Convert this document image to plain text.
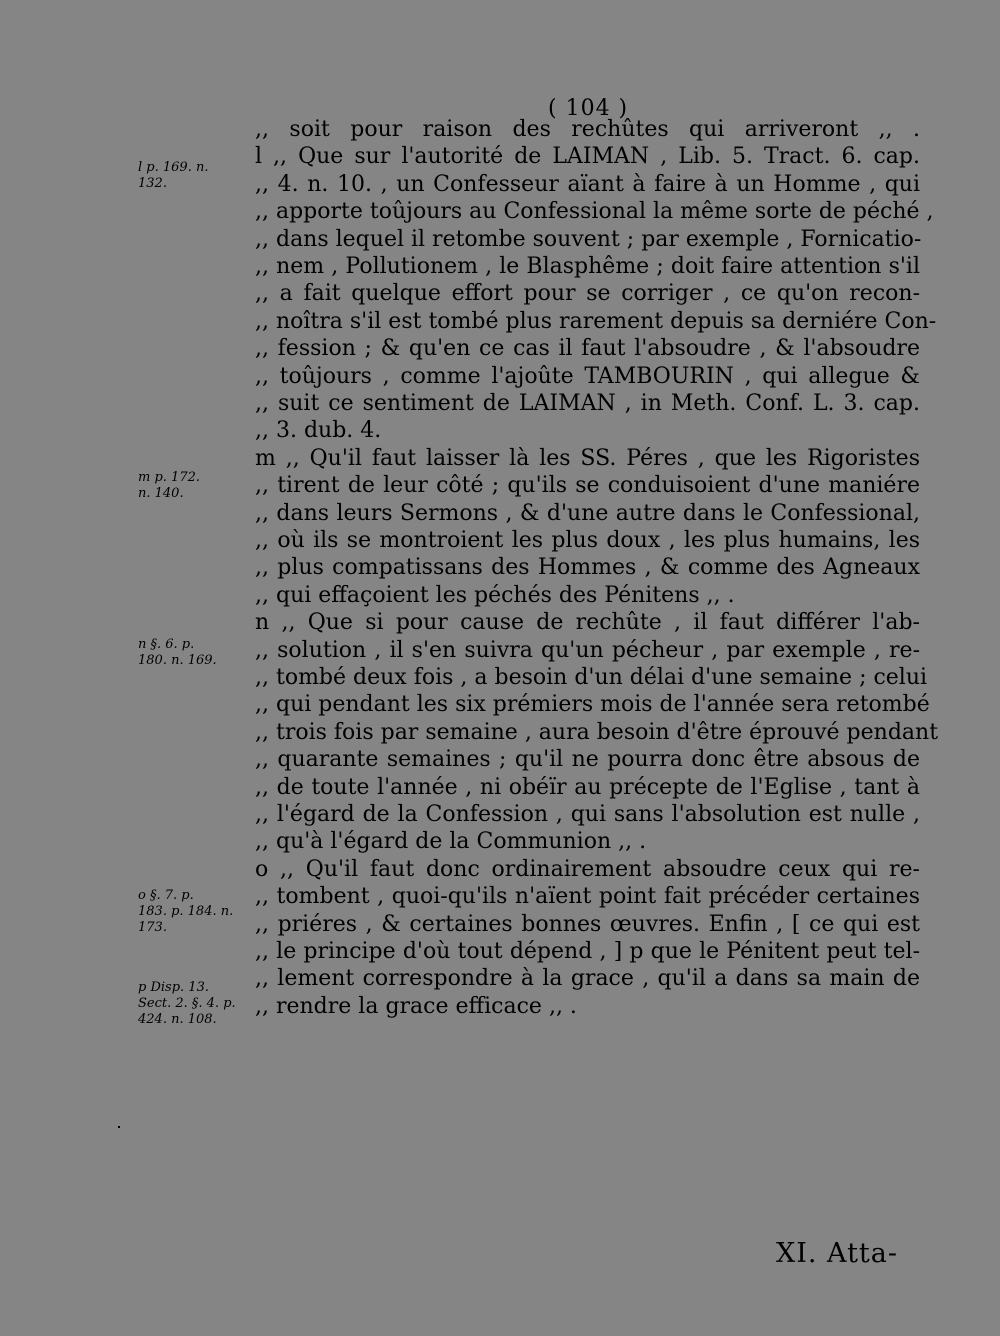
( 104 )
l p. 169. n.
132.
m p. 172.
n. 140.
n §. 6. p.
180. n. 169.
o §. 7. p.
183. p. 184. n.
173.
p Disp. 13.
Sect. 2. §. 4. p.
424. n. 108.
,, soit pour raison des rechûtes qui arriveront ,, .
l ,, Que sur l'autorité de LAIMAN , Lib. 5. Tract. 6. cap.
,, 4. n. 10. , un Confesseur aïant à faire à un Homme , qui
,, apporte toûjours au Confessional la même sorte de péché ,
,, dans lequel il retombe souvent ; par exemple , Fornicatio-
,, nem , Pollutionem , le Blasphême ; doit faire attention s'il
,, a fait quelque effort pour se corriger , ce qu'on recon-
,, noîtra s'il est tombé plus rarement depuis sa derniére Con-
,, fession ; & qu'en ce cas il faut l'absoudre , & l'absoudre
,, toûjours , comme l'ajoûte TAMBOURIN , qui allegue &
,, suit ce sentiment de LAIMAN , in Meth. Conf. L. 3. cap.
,, 3. dub. 4.
m ,, Qu'il faut laisser là les SS. Péres , que les Rigoristes
,, tirent de leur côté ; qu'ils se conduisoient d'une maniére
,, dans leurs Sermons , & d'une autre dans le Confessional,
,, où ils se montroient les plus doux , les plus humains, les
,, plus compatissans des Hommes , & comme des Agneaux
,, qui effaçoient les péchés des Pénitens ,, .
n ,, Que si pour cause de rechûte , il faut différer l'ab-
,, solution , il s'en suivra qu'un pécheur , par exemple , re-
,, tombé deux fois , a besoin d'un délai d'une semaine ; celui
,, qui pendant les six prémiers mois de l'année sera retombé
,, trois fois par semaine , aura besoin d'être éprouvé pendant
,, quarante semaines ; qu'il ne pourra donc être absous de
,, de toute l'année , ni obéïr au précepte de l'Eglise , tant à
,, l'égard de la Confession , qui sans l'absolution est nulle ,
,, qu'à l'égard de la Communion ,, .
o ,, Qu'il faut donc ordinairement absoudre ceux qui re-
,, tombent , quoi-qu'ils n'aïent point fait précéder certaines
,, priéres , & certaines bonnes œuvres. Enfin , [ ce qui est
,, le principe d'où tout dépend , ] p que le Pénitent peut tel-
,, lement correspondre à la grace , qu'il a dans sa main de
,, rendre la grace efficace ,, .
XI. Atta-
